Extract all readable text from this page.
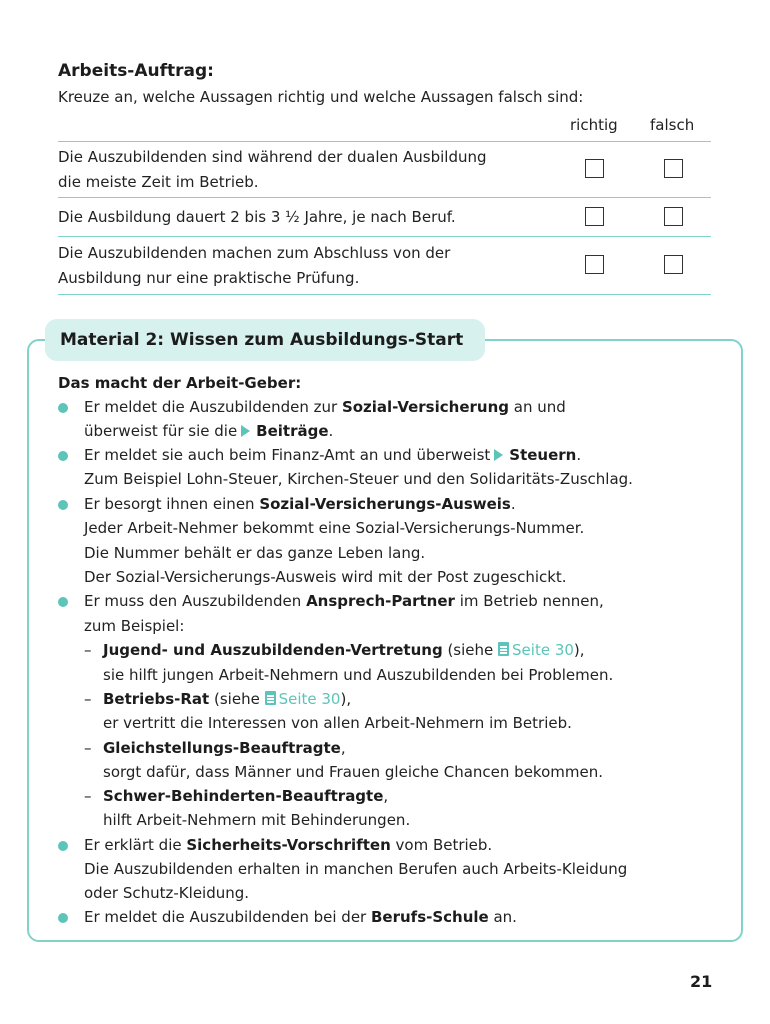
Arbeits-Auftrag:
Kreuze an, welche Aussagen richtig und welche Aussagen falsch sind:
richtig falsch
Die Auszubildenden sind während der dualen Ausbildung
die meiste Zeit im Betrieb.
Die Ausbildung dauert 2 bis 3 ½ Jahre, je nach Beruf.
Die Auszubildenden machen zum Abschluss von der
Ausbildung nur eine praktische Prüfung.
Material 2: Wissen zum Ausbildungs-Start
Das macht der Arbeit-Geber:
Er meldet die Auszubildenden zur Sozial-Versicherung an und
überweist für sie die Beiträge.
Er meldet sie auch beim Finanz-Amt an und überweist Steuern.
Zum Beispiel Lohn-Steuer, Kirchen-Steuer und den Solidaritäts-Zuschlag.
Er besorgt ihnen einen Sozial-Versicherungs-Ausweis.
Jeder Arbeit-Nehmer bekommt eine Sozial-Versicherungs-Nummer.
Die Nummer behält er das ganze Leben lang.
Der Sozial-Versicherungs-Ausweis wird mit der Post zugeschickt.
Er muss den Auszubildenden Ansprech-Partner im Betrieb nennen,
zum Beispiel:
– Jugend- und Auszubildenden-Vertretung (siehe Seite 30),
sie hilft jungen Arbeit-Nehmern und Auszubildenden bei Problemen.
– Betriebs-Rat (siehe Seite 30),
er vertritt die Interessen von allen Arbeit-Nehmern im Betrieb.
– Gleichstellungs-Beauftragte,
sorgt dafür, dass Männer und Frauen gleiche Chancen bekommen.
– Schwer-Behinderten-Beauftragte,
hilft Arbeit-Nehmern mit Behinderungen.
Er erklärt die Sicherheits-Vorschriften vom Betrieb.
Die Auszubildenden erhalten in manchen Berufen auch Arbeits-Kleidung
oder Schutz-Kleidung.
Er meldet die Auszubildenden bei der Berufs-Schule an.
21
